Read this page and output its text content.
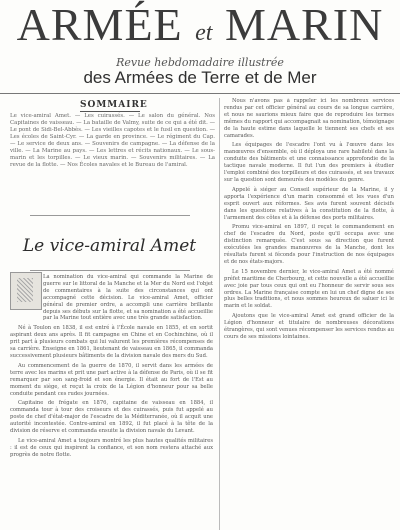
ARMÉE et MARIN
Revue hebdomadaire illustrée
des Armées de Terre et de Mer
SOMMAIRE
Le vice-amiral Amet. — Les cuirassés. — Le salon du général. Nos Capitaines de vaisseau. — La bataille de Valmy, suite de ce qui a été dit. — Le pont de Sidi-Bel-Abbès. — Les vieilles capotes et le fusil en question. — Les écoles de Saint-Cyr. — La garde en province. — Le régiment du Cap. — Le service de deux ans. — Souvenirs de campagne. — La défense de la ville. — La Marine au pays. — Les lettres et récits nationaux. — Le sous-marin et les torpilles. — Le vieux marin. — Souvenirs militaires. — La revue de la flotte. — Nos Écoles navales et le Bureau de l'amiral.
Le vice-amiral Amet

La nomination du vice-amiral qui commande la Marine de guerre sur le littoral de la Manche et la Mer du Nord est l'objet de commentaires à la suite des circonstances qui ont accompagné cette décision. Le vice-amiral Amet, officier général de premier ordre, a accompli une carrière brillante depuis ses débuts sur la flotte, et sa nomination a été accueillie par la Marine tout entière avec une très grande satisfaction.

Né à Toulon en 1838, il est entré à l'École navale en 1855, et en sortit aspirant deux ans après. Il fit campagne en Chine et en Cochinchine, où il prit part à plusieurs combats qui lui valurent les premières récompenses de sa carrière. Enseigne en 1861, lieutenant de vaisseau en 1865, il commanda successivement plusieurs bâtiments de la division navale des mers du Sud.

Au commencement de la guerre de 1870, il servit dans les armées de terre avec les marins et prit une part active à la défense de Paris, où il se fit remarquer par son sang-froid et son énergie. Il était au fort de l'Est au moment du siège, et reçut la croix de la Légion d'honneur pour sa belle conduite pendant ces rudes journées.

Capitaine de frégate en 1876, capitaine de vaisseau en 1884, il commanda tour à tour des croiseurs et des cuirassés, puis fut appelé au poste de chef d'état-major de l'escadre de la Méditerranée, où il acquit une autorité incontestée. Contre-amiral en 1892, il fut placé à la tête de la division de réserve et commanda ensuite la division navale du Levant.

Le vice-amiral Amet a toujours montré les plus hautes qualités militaires : il est de ceux qui inspirent la confiance, et son nom restera attaché aux progrès de notre flotte.

Nous n'avons pas à rappeler ici les nombreux services rendus par cet officier général au cours de sa longue carrière, et nous ne saurions mieux faire que de reproduire les termes mêmes du rapport qui accompagnait sa nomination, témoignage de la haute estime dans laquelle le tiennent ses chefs et ses camarades.

Les équipages de l'escadre l'ont vu à l'œuvre dans les manœuvres d'ensemble, où il déploya une rare habileté dans la conduite des bâtiments et une connaissance approfondie de la tactique navale moderne. Il fut l'un des premiers à étudier l'emploi combiné des torpilleurs et des cuirassés, et ses travaux sur la question sont demeurés des modèles du genre.

Appelé à siéger au Conseil supérieur de la Marine, il y apporta l'expérience d'un marin consommé et les vues d'un esprit ouvert aux réformes. Ses avis furent souvent décisifs dans les questions relatives à la constitution de la flotte, à l'armement des côtes et à la défense des ports militaires.

Promu vice-amiral en 1897, il reçut le commandement en chef de l'escadre du Nord, poste qu'il occupa avec une distinction remarquée. C'est sous sa direction que furent exécutées les grandes manœuvres de la Manche, dont les résultats furent si féconds pour l'instruction de nos équipages et de nos états-majors.

Le 15 novembre dernier, le vice-amiral Amet a été nommé préfet maritime de Cherbourg, et cette nouvelle a été accueillie avec joie par tous ceux qui ont eu l'honneur de servir sous ses ordres. La Marine française compte en lui un chef digne de ses plus belles traditions, et nous sommes heureux de saluer ici le marin et le soldat.

Ajoutons que le vice-amiral Amet est grand officier de la Légion d'honneur et titulaire de nombreuses décorations étrangères, qui sont venues récompenser les services rendus au cours de ses missions lointaines.
